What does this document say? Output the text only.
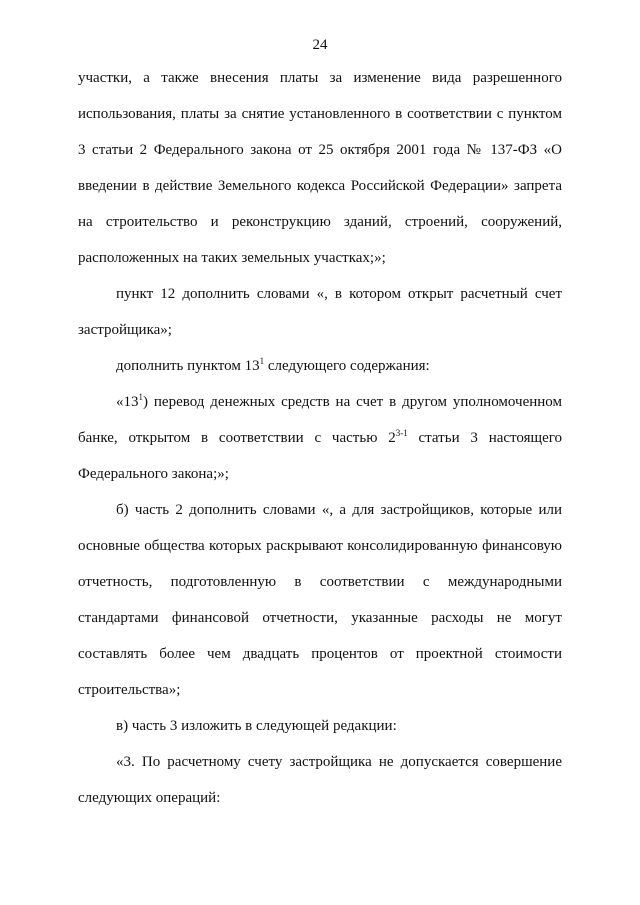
24

участки, а также внесения платы за изменение вида разрешенного использования, платы за снятие установленного в соответствии с пунктом 3 статьи 2 Федерального закона от 25 октября 2001 года № 137-ФЗ «О введении в действие Земельного кодекса Российской Федерации» запрета на строительство и реконструкцию зданий, строений, сооружений, расположенных на таких земельных участках;»;

пункт 12 дополнить словами «, в котором открыт расчетный счет застройщика»;

дополнить пунктом $13^1$ следующего содержания:

«$13^1$) перевод денежных средств на счет в другом уполномоченном банке, открытом в соответствии с частью 2$^{3-1}$ статьи 3 настоящего Федерального закона;»;

б) часть 2 дополнить словами «, а для застройщиков, которые или основные общества которых раскрывают консолидированную финансовую отчетность, подготовленную в соответствии с международными стандартами финансовой отчетности, указанные расходы не могут составлять более чем двадцать процентов от проектной стоимости строительства»;

в) часть 3 изложить в следующей редакции:

«3. По расчетному счету застройщика не допускается совершение следующих операций:
